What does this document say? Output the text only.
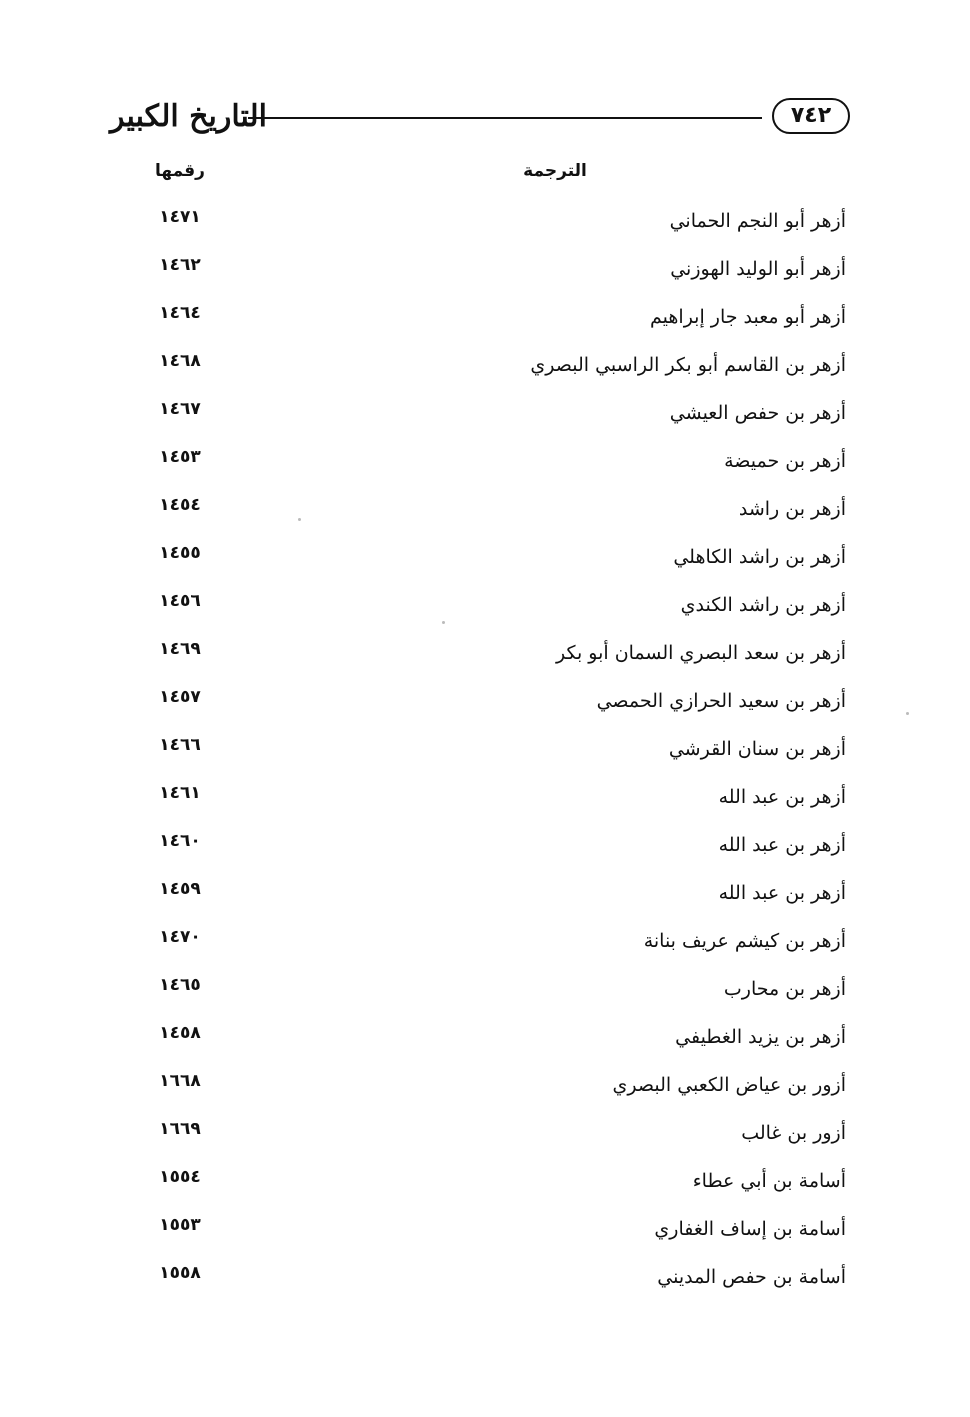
التاريخ الكبير	٧٤٢
الترجمة
رقمها
أزهر أبو النجم الحماني
١٤٧١
أزهر أبو الوليد الهوزني
١٤٦٢
أزهر أبو معبد جار إبراهيم
١٤٦٤
أزهر بن القاسم أبو بكر الراسبي البصري
١٤٦٨
أزهر بن حفص العيشي
١٤٦٧
أزهر بن حميضة
١٤٥٣
أزهر بن راشد
١٤٥٤
أزهر بن راشد الكاهلي
١٤٥٥
أزهر بن راشد الكندي
١٤٥٦
أزهر بن سعد البصري السمان أبو بكر
١٤٦٩
أزهر بن سعيد الحرازي الحمصي
١٤٥٧
أزهر بن سنان القرشي
١٤٦٦
أزهر بن عبد الله
١٤٦١
أزهر بن عبد الله
١٤٦٠
أزهر بن عبد الله
١٤٥٩
أزهر بن كيشم عريف بنانة
١٤٧٠
أزهر بن محارب
١٤٦٥
أزهر بن يزيد الغطيفي
١٤٥٨
أزور بن عياض الكعبي البصري
١٦٦٨
أزور بن غالب
١٦٦٩
أسامة بن أبي عطاء
١٥٥٤
أسامة بن إساف الغفاري
١٥٥٣
أسامة بن حفص المديني
١٥٥٨
